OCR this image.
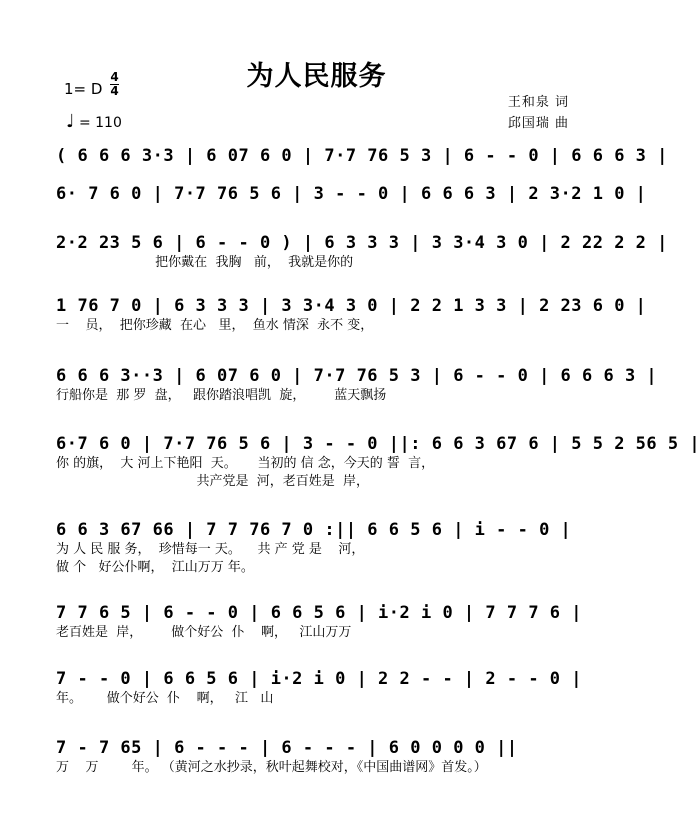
为人民服务
1= D
4
4
♩ = 110
王和泉 词
邱国瑞 曲
( 6 6 6 3·3 | 6 07 6 0 | 7·7 76 5 3 | 6 - - 0 | 6 6 6 3 |
6· 7 6 0 | 7·7 76 5 6 | 3 - - 0 | 6 6 6 3 | 2 3·2 1 0 |
2·2 23 5 6 | 6 - - 0 ) | 6 3 3 3 | 3 3·4 3 0 | 2 22 2 2 |
把你戴在  我胸   前，  我就是你的
1 76 7 0 | 6 3 3 3 | 3 3·4 3 0 | 2 2 1 3 3 | 2 23 6 0 |
一    员，  把你珍藏  在心   里，  鱼水 情深  永不 变，
6 6 6 3··3 | 6 07 6 0 | 7·7 76 5 3 | 6 - - 0 | 6 6 6 3 |
行船你是  那 罗  盘，   跟你踏浪唱凯  旋，       蓝天飘扬
6·7 6 0 | 7·7 76 5 6 | 3 - - 0 ||: 6 6 3 67 6 | 5 5 2 56 5 |
你 的旗，  大 河上下艳阳  天。     当初的 信 念，今天的 誓  言，
共产党是  河，老百姓是  岸，
6 6 3 67 66 | 7 7 76 7 0 :|| 6 6 5 6 | i - - 0 |
为 人 民 服 务，  珍惜每一 天。    共 产 党 是    河，
做 个   好公仆啊，  江山万万 年。
7 7 6 5 | 6 - - 0 | 6 6 5 6 | i·2 i 0 | 7 7 7 6 |
老百姓是  岸，       做个好公  仆    啊，   江山万万
7 - - 0 | 6 6 5 6 | i·2 i 0 | 2 2 - - | 2 - - 0 |
年。      做个好公  仆    啊，   江   山
7 - 7 65 | 6 - - - | 6 - - - | 6 0 0 0 0 ||
万    万        年。 （黄河之水抄录，秋叶起舞校对，《中国曲谱网》首发。）
